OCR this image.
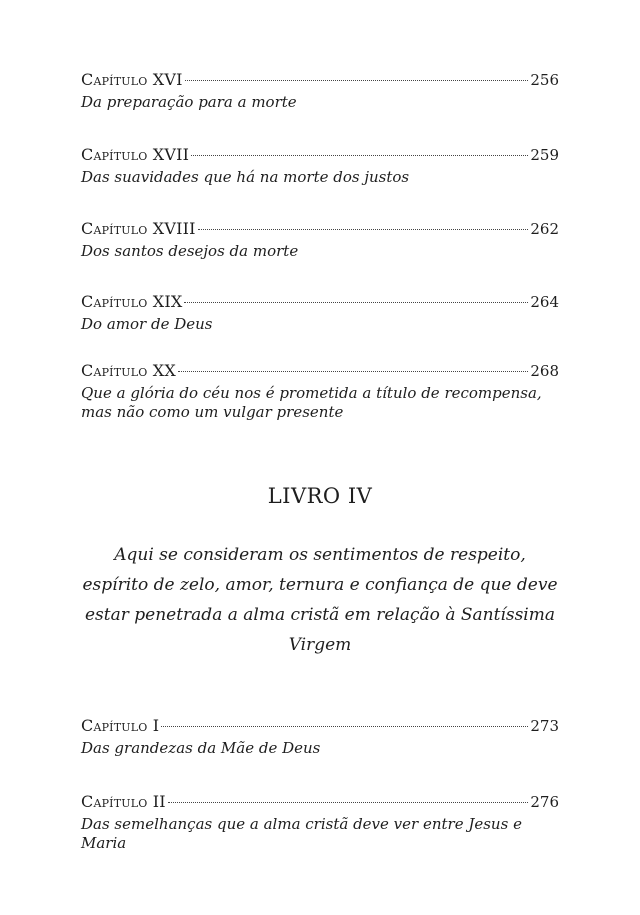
Capítulo XVI	256
Da preparação para a morte
Capítulo XVII	259
Das suavidades que há na morte dos justos
Capítulo XVIII	262
Dos santos desejos da morte
Capítulo XIX	264
Do amor de Deus
Capítulo XX	268
Que a glória do céu nos é prometida a título de recompensa, mas não como um vulgar presente
LIVRO IV
Aqui se consideram os sentimentos de respeito, espírito de zelo, amor, ternura e confiança de que deve estar penetrada a alma cristã em relação à Santíssima Virgem
Capítulo I	273
Das grandezas da Mãe de Deus
Capítulo II	276
Das semelhanças que a alma cristã deve ver entre Jesus e Maria
